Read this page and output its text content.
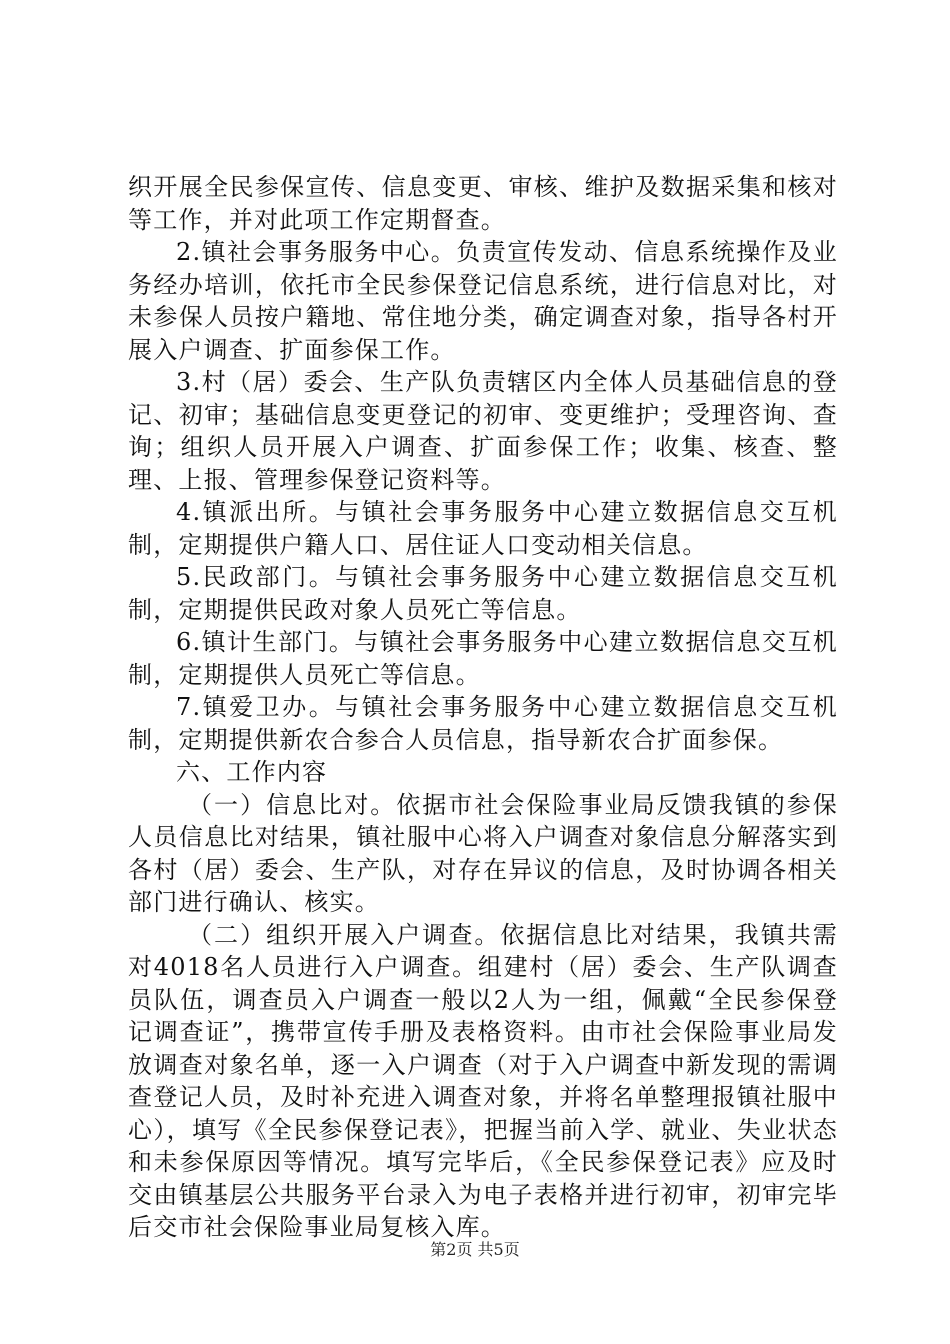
织开展全民参保宣传、信息变更、审核、维护及数据采集和核对等工作，并对此项工作定期督查。

2.镇社会事务服务中心。负责宣传发动、信息系统操作及业务经办培训，依托市全民参保登记信息系统，进行信息对比，对未参保人员按户籍地、常住地分类，确定调查对象，指导各村开展入户调查、扩面参保工作。

3.村（居）委会、生产队负责辖区内全体人员基础信息的登记、初审；基础信息变更登记的初审、变更维护；受理咨询、查询；组织人员开展入户调查、扩面参保工作；收集、核查、整理、上报、管理参保登记资料等。

4.镇派出所。与镇社会事务服务中心建立数据信息交互机制，定期提供户籍人口、居住证人口变动相关信息。

5.民政部门。与镇社会事务服务中心建立数据信息交互机制，定期提供民政对象人员死亡等信息。

6.镇计生部门。与镇社会事务服务中心建立数据信息交互机制，定期提供人员死亡等信息。

7.镇爱卫办。与镇社会事务服务中心建立数据信息交互机制，定期提供新农合参合人员信息，指导新农合扩面参保。

六、工作内容

（一）信息比对。依据市社会保险事业局反馈我镇的参保人员信息比对结果，镇社服中心将入户调查对象信息分解落实到各村（居）委会、生产队，对存在异议的信息，及时协调各相关部门进行确认、核实。

（二）组织开展入户调查。依据信息比对结果，我镇共需对4018名人员进行入户调查。组建村（居）委会、生产队调查员队伍，调查员入户调查一般以2人为一组，佩戴“全民参保登记调查证”，携带宣传手册及表格资料。由市社会保险事业局发放调查对象名单，逐一入户调查（对于入户调查中新发现的需调查登记人员，及时补充进入调查对象，并将名单整理报镇社服中心），填写《全民参保登记表》，把握当前入学、就业、失业状态和未参保原因等情况。填写完毕后，《全民参保登记表》应及时交由镇基层公共服务平台录入为电子表格并进行初审，初审完毕后交市社会保险事业局复核入库。

第2页 共5页
